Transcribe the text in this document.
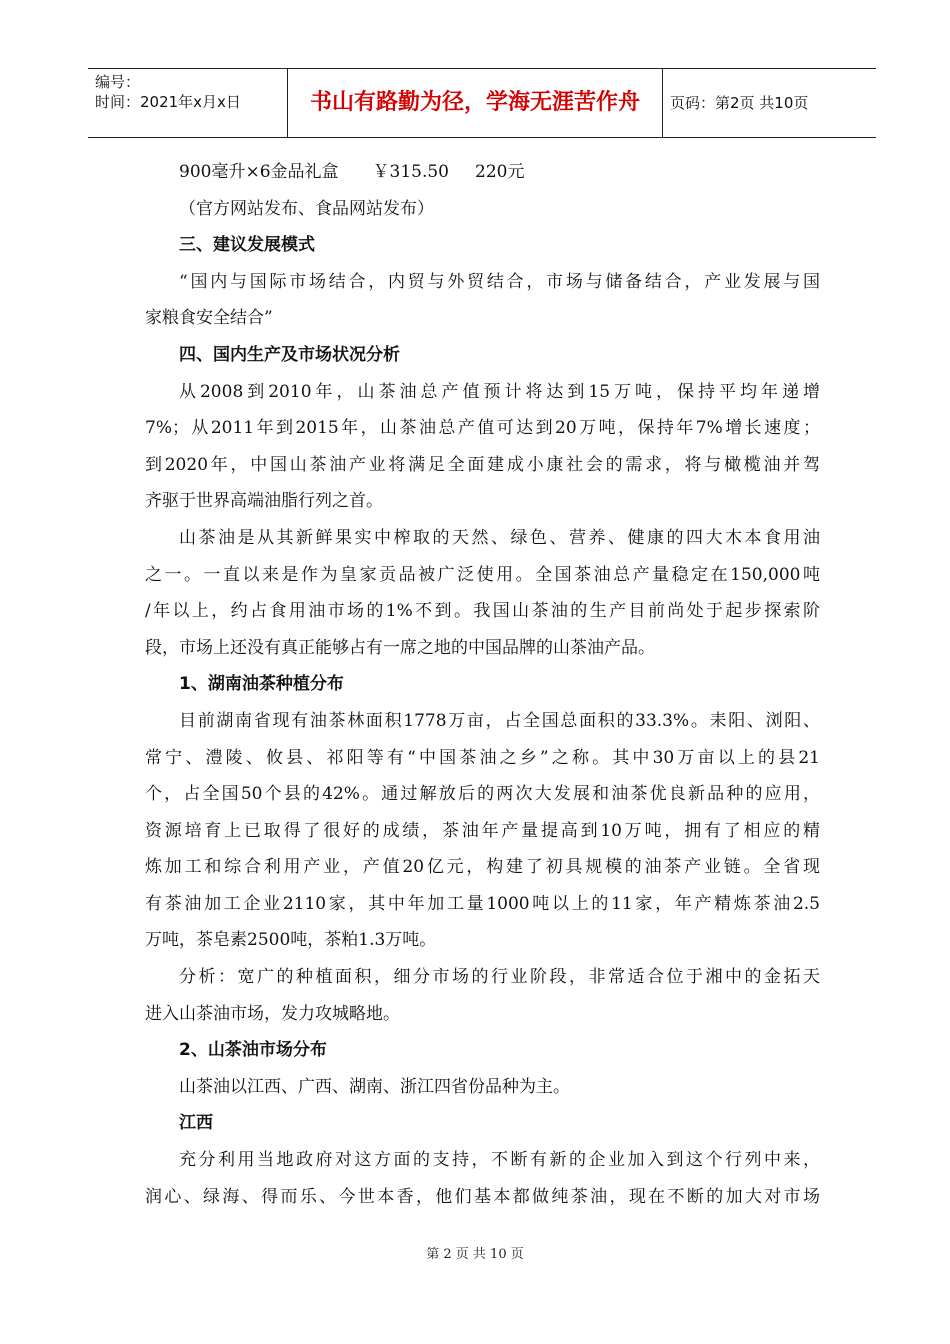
编号：
时间：2021年x月x日	书山有路勤为径，学海无涯苦作舟	页码：第2页 共10页
900毫升×6金品礼盒 ￥315.50 220元
（官方网站发布、食品网站发布）
三、建议发展模式
“国内与国际市场结合，内贸与外贸结合，市场与储备结合，产业发展与国
家粮食安全结合”
四、国内生产及市场状况分析
从2008到2010年，山茶油总产值预计将达到15万吨，保持平均年递增
7%；从2011年到2015年，山茶油总产值可达到20万吨，保持年7%增长速度；
到2020年，中国山茶油产业将满足全面建成小康社会的需求，将与橄榄油并驾
齐驱于世界高端油脂行列之首。
山茶油是从其新鲜果实中榨取的天然、绿色、营养、健康的四大木本食用油
之一。一直以来是作为皇家贡品被广泛使用。全国茶油总产量稳定在150,000吨
/年以上，约占食用油市场的1%不到。我国山茶油的生产目前尚处于起步探索阶
段，市场上还没有真正能够占有一席之地的中国品牌的山茶油产品。
1、湖南油茶种植分布
目前湖南省现有油茶林面积1778万亩，占全国总面积的33.3%。耒阳、浏阳、
常宁、澧陵、攸县、祁阳等有“中国茶油之乡”之称。其中30万亩以上的县21
个，占全国50个县的42%。通过解放后的两次大发展和油茶优良新品种的应用，
资源培育上已取得了很好的成绩，茶油年产量提高到10万吨，拥有了相应的精
炼加工和综合利用产业，产值20亿元，构建了初具规模的油茶产业链。全省现
有茶油加工企业2110家，其中年加工量1000吨以上的11家，年产精炼茶油2.5
万吨，茶皂素2500吨，茶粕1.3万吨。
分析：宽广的种植面积，细分市场的行业阶段，非常适合位于湘中的金拓天
进入山茶油市场，发力攻城略地。
2、山茶油市场分布
山茶油以江西、广西、湖南、浙江四省份品种为主。
江西
充分利用当地政府对这方面的支持，不断有新的企业加入到这个行列中来，
润心、绿海、得而乐、今世本香，他们基本都做纯茶油，现在不断的加大对市场
第 2 页 共 10 页
